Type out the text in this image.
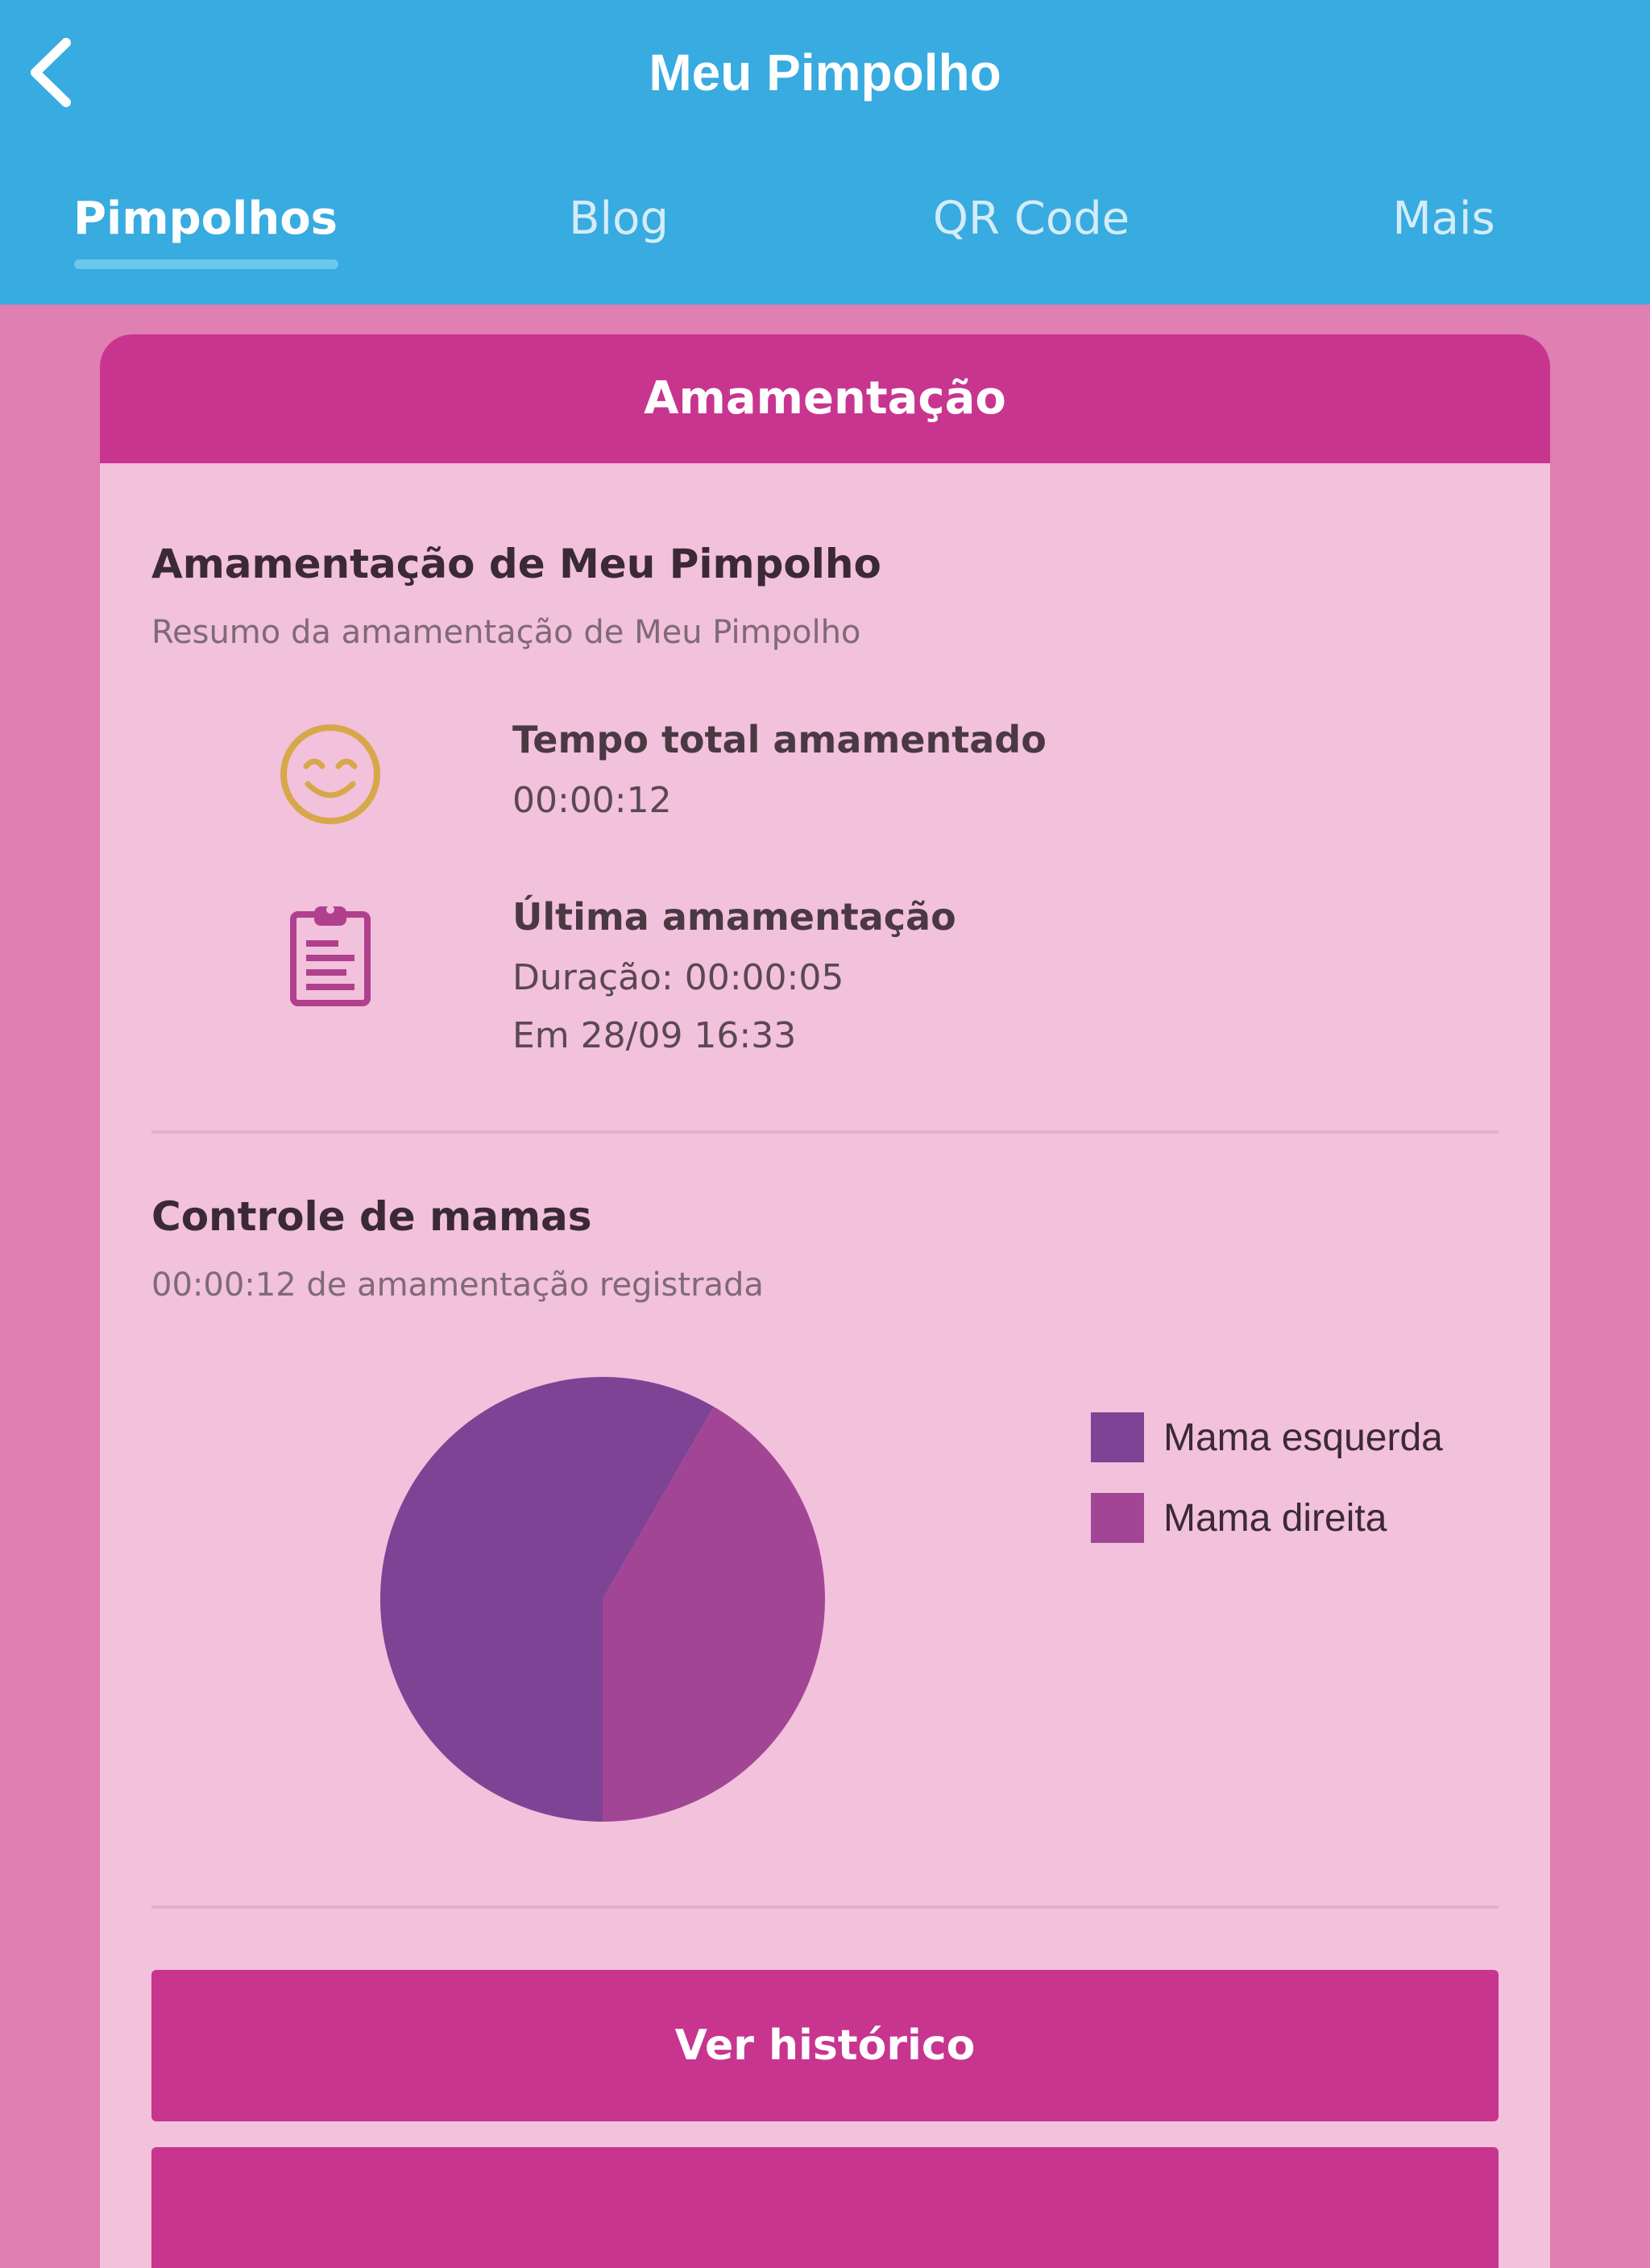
Meu Pimpolho
Pimpolhos	Blog	QR Code	Mais
Amamentação
Amamentação de Meu Pimpolho
Resumo da amamentação de Meu Pimpolho
Tempo total amamentado
00:00:12
Última amamentação
Duração: 00:00:05
Em 28/09 16:33
Controle de mamas
00:00:12 de amamentação registrada
Mama esquerda
Mama direita
Ver histórico
